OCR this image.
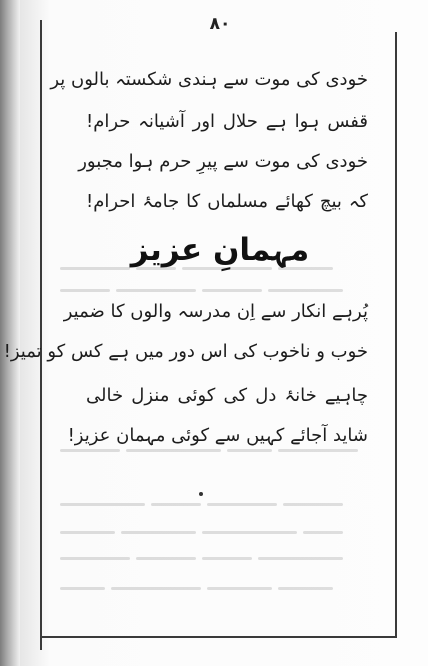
٨٠
خودی کی موت سے ہندی شکستہ بالوں پر
قفس ہوا ہے حلال اور آشیانہ حرام!
خودی کی موت سے پیرِ حرم ہوا مجبور
کہ بیچ کھائے مسلماں کا جامۂ احرام!
مہمانِ عزیز
پُرہے انکار سے اِن مدرسہ والوں کا ضمیر
خوب و ناخوب کی اس دور میں ہے کس کو تمیز!
چاہیے خانۂ دل کی کوئی منزل خالی
شاید آجائے کہیں سے کوئی مہمان عزیز!
